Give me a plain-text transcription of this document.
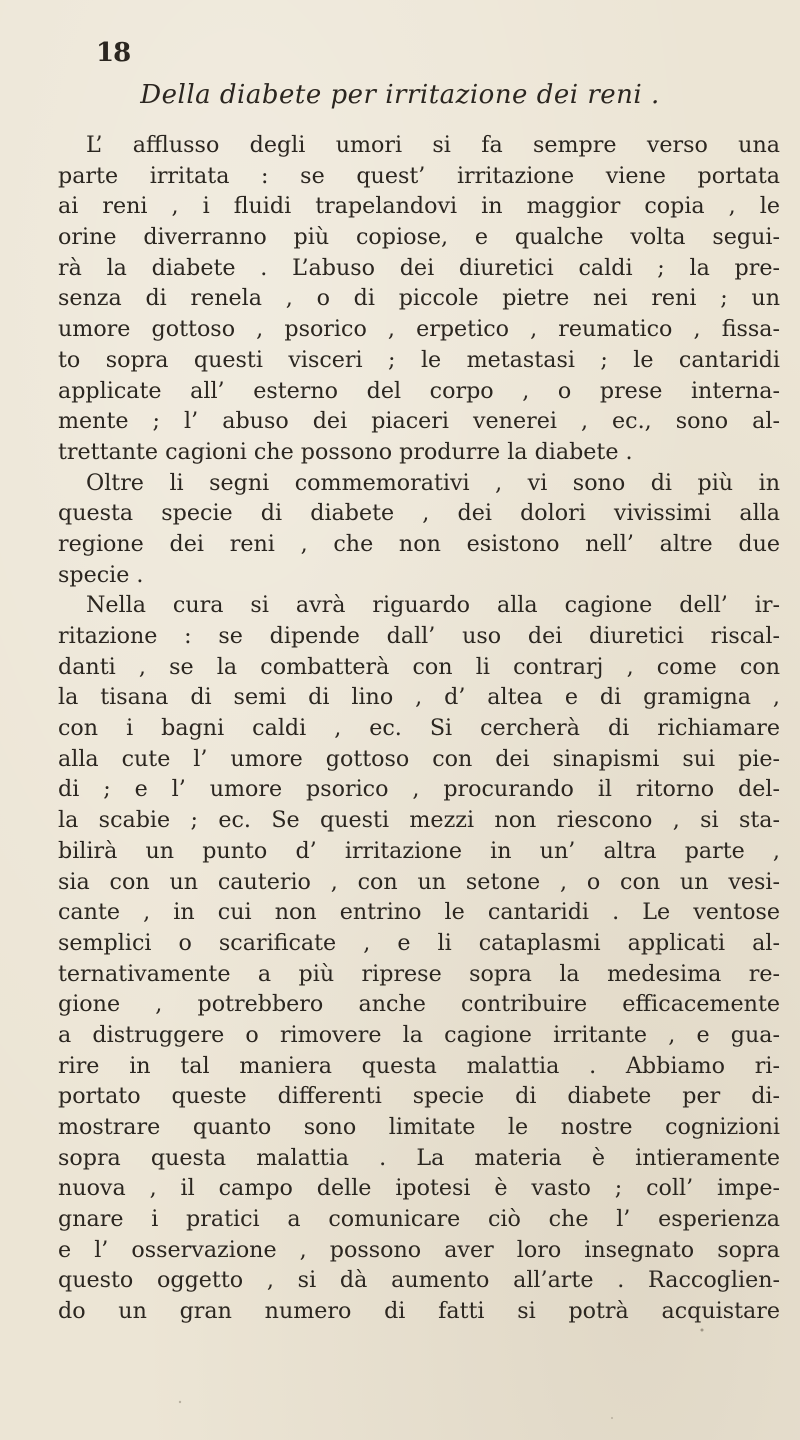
18
Della diabete per irritazione dei reni .
L’ afflusso degli umori si fa sempre verso una
parte irritata : se quest’ irritazione viene portata
ai reni , i fluidi trapelandovi in maggior copia , le
orine diverranno più copiose, e qualche volta segui-
rà la diabete . L’abuso dei diuretici caldi ; la pre-
senza di renela , o di piccole pietre nei reni ; un
umore gottoso , psorico , erpetico , reumatico , fissa-
to sopra questi visceri ; le metastasi ; le cantaridi
applicate all’ esterno del corpo , o prese interna-
mente ; l’ abuso dei piaceri venerei , ec., sono al-
trettante cagioni che possono produrre la diabete .
Oltre li segni commemorativi , vi sono di più in
questa specie di diabete , dei dolori vivissimi alla
regione dei reni , che non esistono nell’ altre due
specie .
Nella cura si avrà riguardo alla cagione dell’ ir-
ritazione : se dipende dall’ uso dei diuretici riscal-
danti , se la combatterà con li contrarj , come con
la tisana di semi di lino , d’ altea e di gramigna ,
con i bagni caldi , ec. Si cercherà di richiamare
alla cute l’ umore gottoso con dei sinapismi sui pie-
di ; e l’ umore psorico , procurando il ritorno del-
la scabie ; ec. Se questi mezzi non riescono , si sta-
bilirà un punto d’ irritazione in un’ altra parte ,
sia con un cauterio , con un setone , o con un vesi-
cante , in cui non entrino le cantaridi . Le ventose
semplici o scarificate , e li cataplasmi applicati al-
ternativamente a più riprese sopra la medesima re-
gione , potrebbero anche contribuire efficacemente
a distruggere o rimovere la cagione irritante , e gua-
rire in tal maniera questa malattia . Abbiamo ri-
portato queste differenti specie di diabete per di-
mostrare quanto sono limitate le nostre cognizioni
sopra questa malattia . La materia è intieramente
nuova , il campo delle ipotesi è vasto ; coll’ impe-
gnare i pratici a comunicare ciò che l’ esperienza
e l’ osservazione , possono aver loro insegnato sopra
questo oggetto , si dà aumento all’arte . Raccoglien-
do un gran numero di fatti si potrà acquistare
